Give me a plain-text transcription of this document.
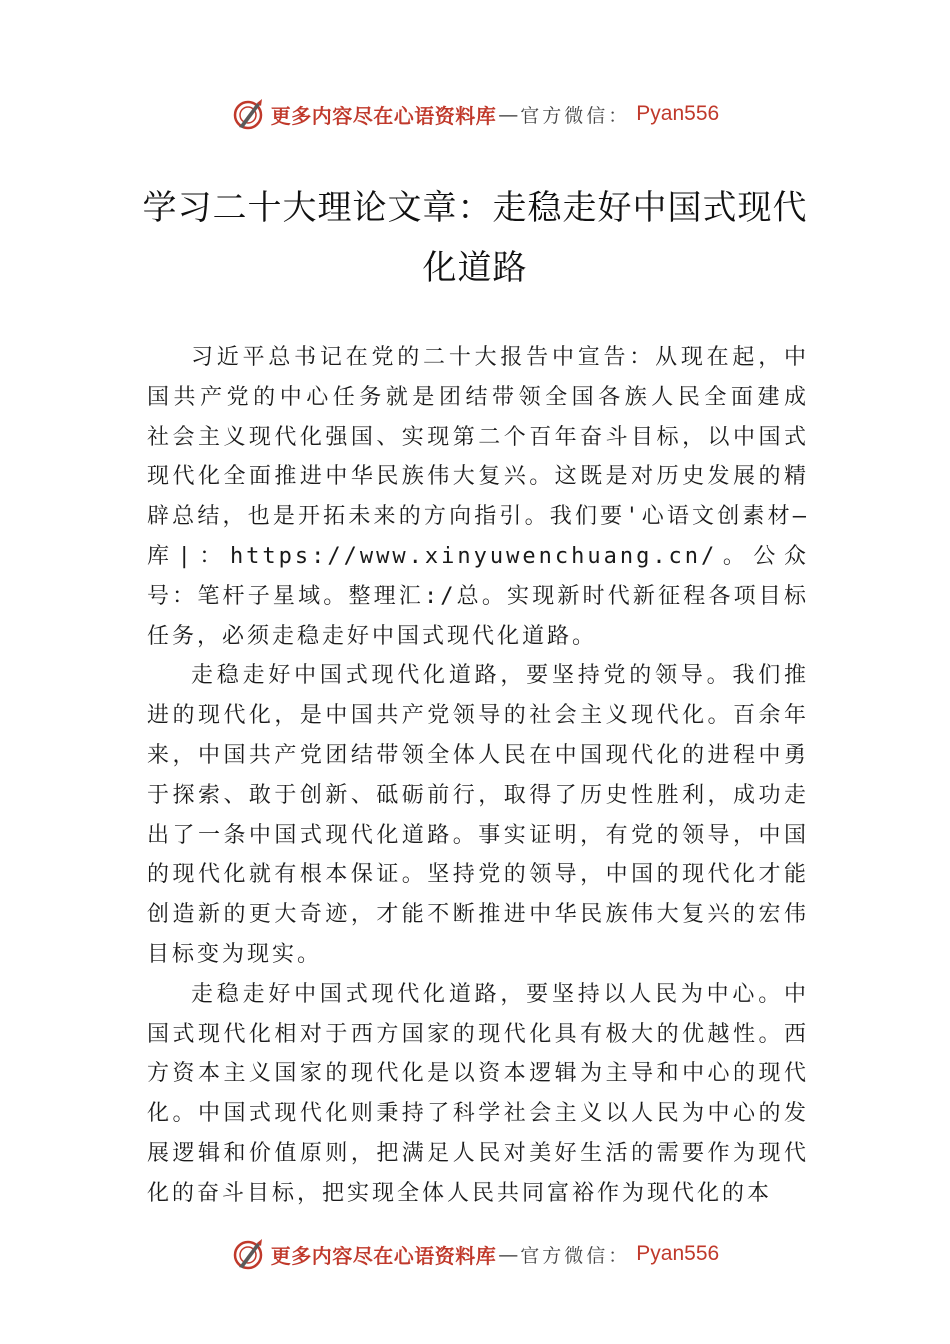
更多内容尽在心语资料库 — 官方微信： Pyan556
学习二十大理论文章：走稳走好中国式现代化道路

习近平总书记在党的二十大报告中宣告：从现在起，中国共产党的中心任务就是团结带领全国各族人民全面建成 社会主义现代化强国、实现第二个百年奋斗目标，以中国式现代化全面推进中华民族伟大复兴。这既是对历史发展的精辟总结，也是开拓未来的方向指引。我们要'心语文创素材—库|：https://www.xinyuwenchuang.cn/。公众号：笔杆子星域。整理汇:/总。实现新时代新征程各项目标任务，必须走稳走好中国式现代化道路。

走稳走好中国式现代化道路，要坚持党的领导。我们推进的现代化，是中国共产党领导的社会主义现代化。百余年来，中国共产党团结带领全体人民在中国现代化的进程中勇于探索、敢于创新、砥砺前行，取得了历史性胜利，成功走出了一条中国式现代化道路。事实证明，有党的领导，中国的现代化就有根本保证。坚持党的领导，中国的现代化才能创造新的更大奇迹，才能不断推进中华民族伟大复兴的宏伟目标变为现实。

走稳走好中国式现代化道路，要坚持以人民为中心。中国式现代化相对于西方国家的现代化具有极大的优越性。西方资本主义国家的现代化是以资本逻辑为主导和中心的现代化。中国式现代化则秉持了科学社会主义以人民为中心的发展逻辑和价值原则，把满足人民对美好生活的需要作为现代化的奋斗目标，把实现全体人民共同富裕作为现代化的本

更多内容尽在心语资料库 — 官方微信： Pyan556
